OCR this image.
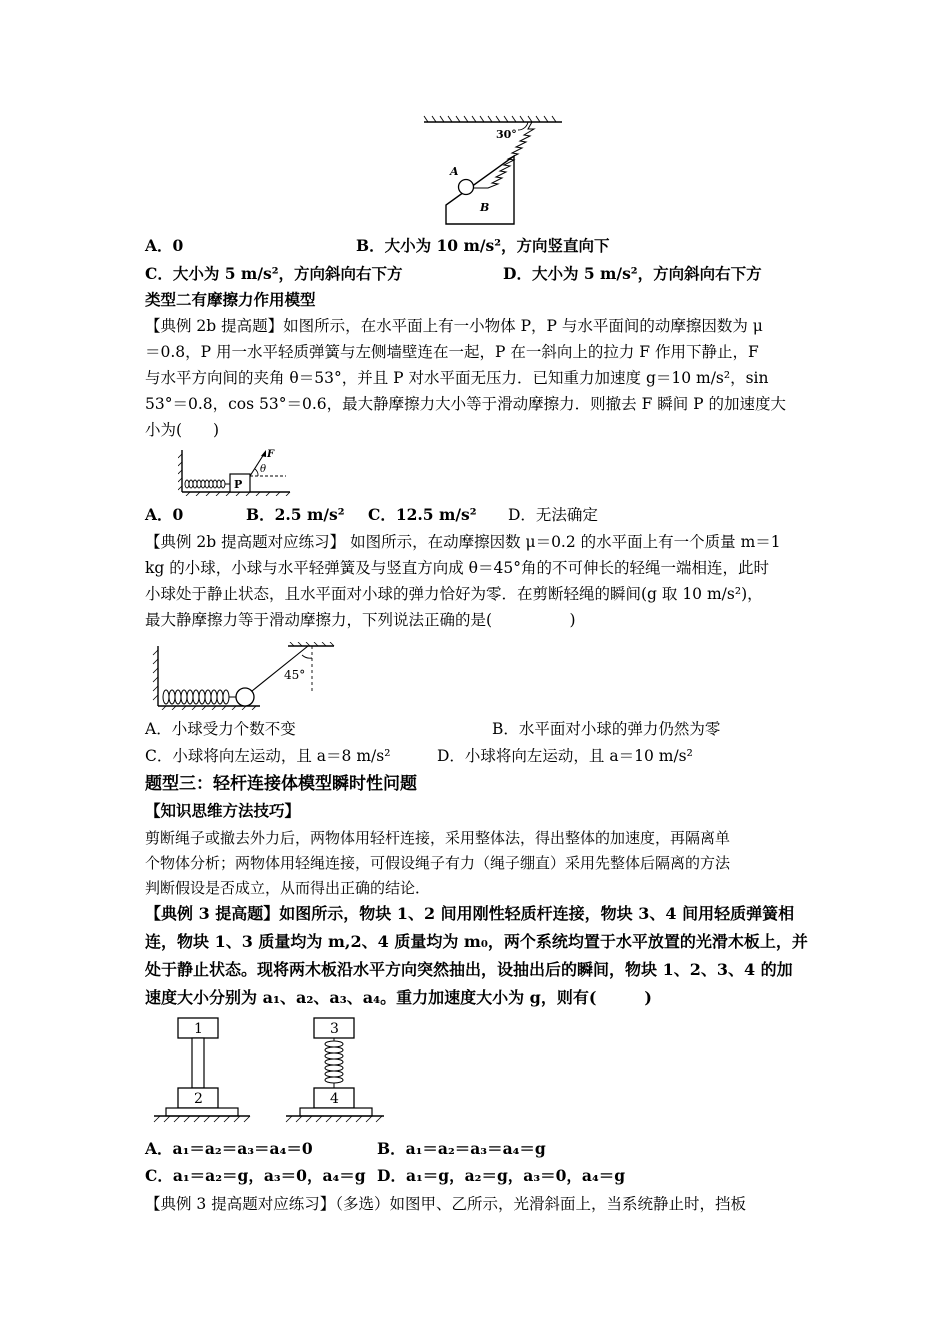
30°
A
B
A．0	B．大小为 10 m/s²，方向竖直向下
C．大小为 5 m/s²，方向斜向右下方	D．大小为 5 m/s²，方向斜向右下方
类型二有摩擦力作用模型
【典例 2b 提高题】如图所示，在水平面上有一小物体 P，P 与水平面间的动摩擦因数为 μ
＝0.8，P 用一水平轻质弹簧与左侧墙壁连在一起，P 在一斜向上的拉力 F 作用下静止，F
与水平方向间的夹角 θ＝53°，并且 P 对水平面无压力．已知重力加速度 g＝10 m/s²，sin
53°＝0.8，cos 53°＝0.6，最大静摩擦力大小等于滑动摩擦力．则撤去 F 瞬间 P 的加速度大
小为(　　)
P
F
θ
A．0	B．2.5 m/s² C．12.5 m/s² D．无法确定
【典例 2b 提高题对应练习】 如图所示，在动摩擦因数 μ＝0.2 的水平面上有一个质量 m＝1
kg 的小球，小球与水平轻弹簧及与竖直方向成 θ＝45°角的不可伸长的轻绳一端相连，此时
小球处于静止状态，且水平面对小球的弹力恰好为零．在剪断轻绳的瞬间(g 取 10 m/s²)，
最大静摩擦力等于滑动摩擦力，下列说法正确的是(　　　　　)
45°
A．小球受力个数不变	B．水平面对小球的弹力仍然为零
C．小球将向左运动，且 a＝8 m/s²	D．小球将向左运动，且 a＝10 m/s²
题型三：轻杆连接体模型瞬时性问题
【知识思维方法技巧】
剪断绳子或撤去外力后，两物体用轻杆连接，采用整体法，得出整体的加速度，再隔离单
个物体分析；两物体用轻绳连接，可假设绳子有力（绳子绷直）采用先整体后隔离的方法
判断假设是否成立，从而得出正确的结论．
【典例 3 提高题】如图所示，物块 1、2 间用刚性轻质杆连接，物块 3、4 间用轻质弹簧相
连，物块 1、3 质量均为 m,2、4 质量均为 m₀，两个系统均置于水平放置的光滑木板上，并
处于静止状态。现将两木板沿水平方向突然抽出，设抽出后的瞬间，物块 1、2、3、4 的加
速度大小分别为 a₁、a₂、a₃、a₄。重力加速度大小为 g，则有(　　　)
1
2
3
4
A．a₁＝a₂＝a₃＝a₄＝0	B．a₁＝a₂＝a₃＝a₄＝g
C．a₁＝a₂＝g，a₃＝0，a₄＝g D．a₁＝g，a₂＝g，a₃＝0，a₄＝g
【典例 3 提高题对应练习】（多选）如图甲、乙所示，光滑斜面上，当系统静止时，挡板
